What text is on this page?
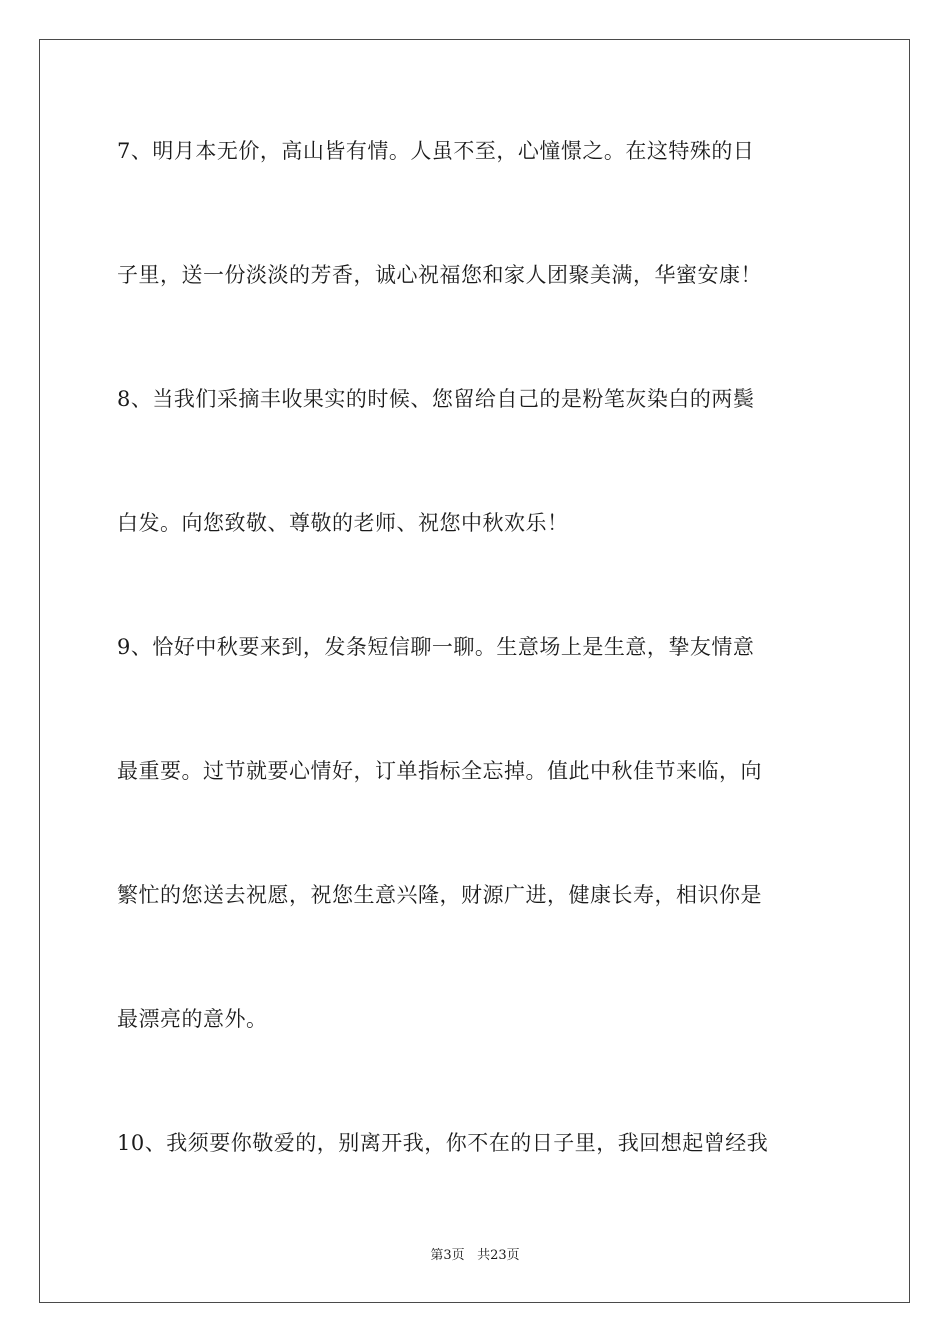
7、明月本无价，高山皆有情。人虽不至，心憧憬之。在这特殊的日
子里，送一份淡淡的芳香，诚心祝福您和家人团聚美满，华蜜安康！
8、当我们采摘丰收果实的时候、您留给自己的是粉笔灰染白的两鬓
白发。向您致敬、尊敬的老师、祝您中秋欢乐！
9、恰好中秋要来到，发条短信聊一聊。生意场上是生意，挚友情意
最重要。过节就要心情好，订单指标全忘掉。值此中秋佳节来临，向
繁忙的您送去祝愿，祝您生意兴隆，财源广进，健康长寿，相识你是
最漂亮的意外。
10、我须要你敬爱的，别离开我，你不在的日子里，我回想起曾经我
第3页 共23页
